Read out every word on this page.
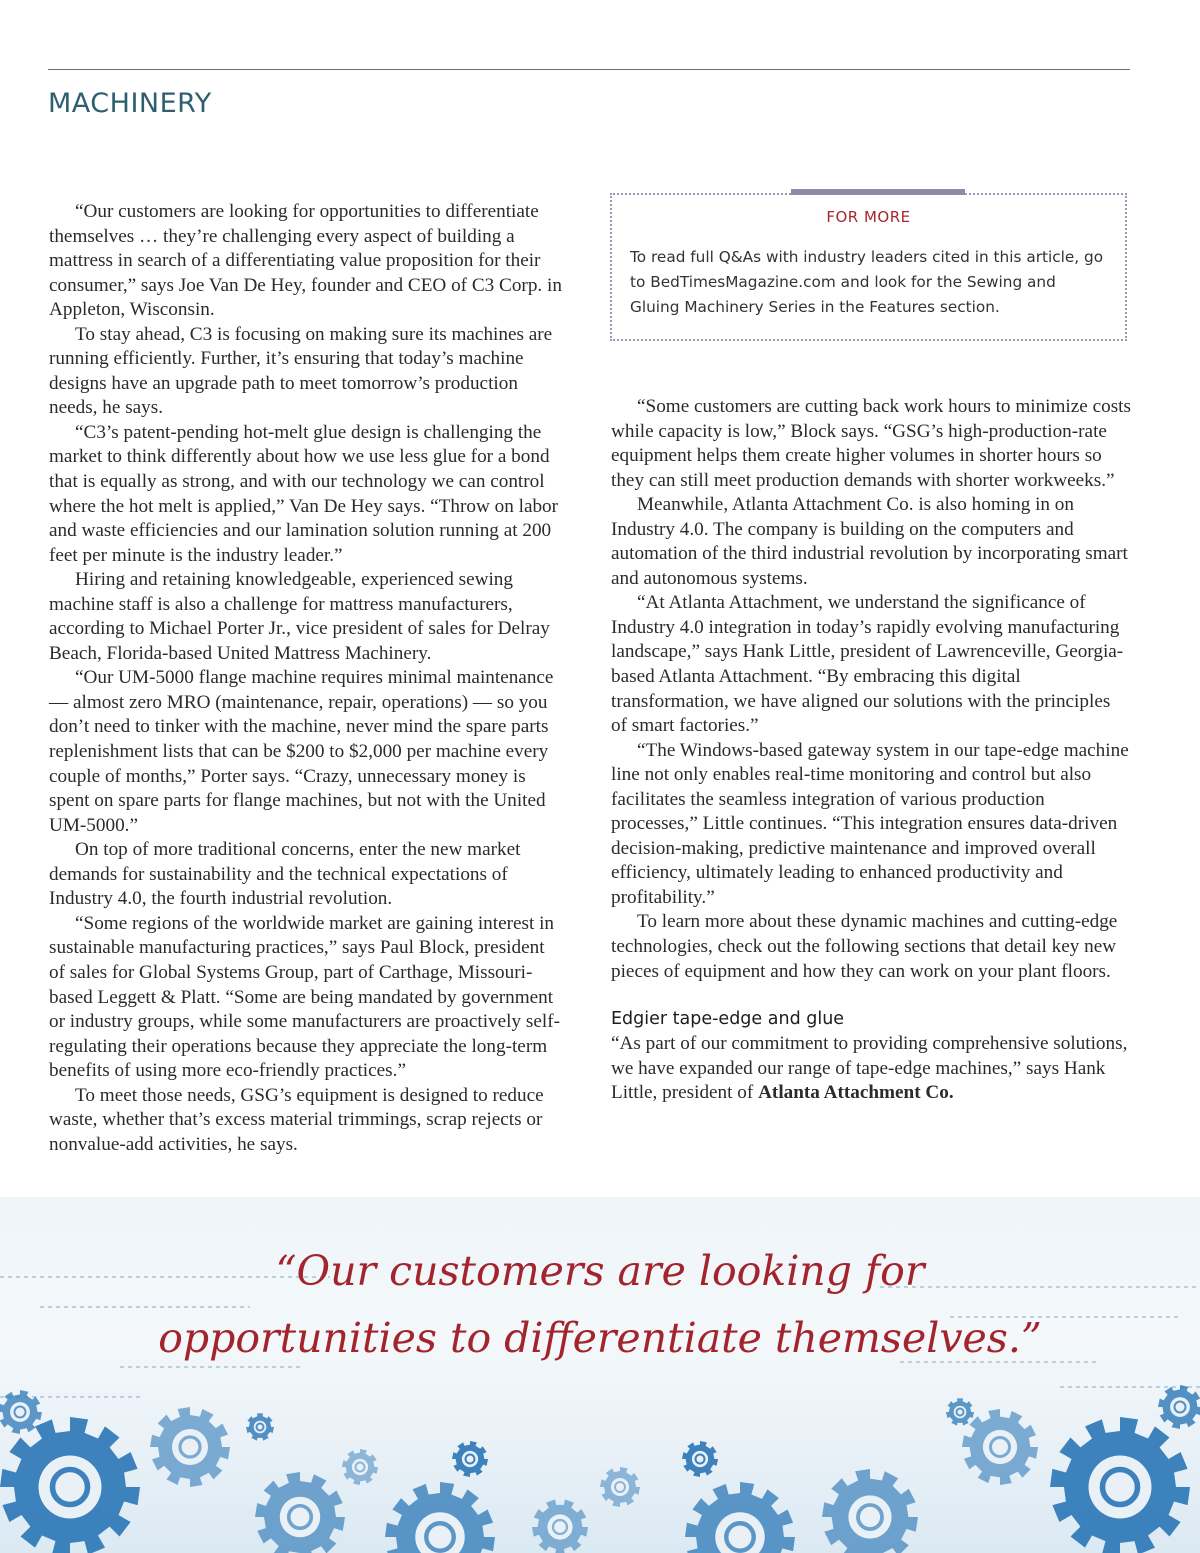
MACHINERY
FOR MORE
To read full Q&As with industry leaders cited in this article, go to BedTimesMagazine.com and look for the Sewing and Gluing Machinery Series in the Features section.

“Our customers are looking for opportunities to differentiate themselves … they’re challenging every aspect of building a mattress in search of a differentiating value proposition for their consumer,” says Joe Van De Hey, founder and CEO of C3 Corp. in Appleton, Wisconsin.

To stay ahead, C3 is focusing on making sure its machines are running efficiently. Further, it’s ensuring that today’s machine designs have an upgrade path to meet tomorrow’s production needs, he says.

“C3’s patent-pending hot-melt glue design is challenging the market to think differently about how we use less glue for a bond that is equally as strong, and with our technology we can control where the hot melt is applied,” Van De Hey says. “Throw on labor and waste efficiencies and our lamination solution running at 200 feet per minute is the industry leader.”

Hiring and retaining knowledgeable, experienced sewing machine staff is also a challenge for mattress manufacturers, according to Michael Porter Jr., vice president of sales for Delray Beach, Florida-based United Mattress Machinery.

“Our UM-5000 flange machine requires minimal maintenance — almost zero MRO (maintenance, repair, operations) — so you don’t need to tinker with the machine, never mind the spare parts replenishment lists that can be $200 to $2,000 per machine every couple of months,” Porter says. “Crazy, unnecessary money is spent on spare parts for flange machines, but not with the United UM-5000.”

On top of more traditional concerns, enter the new market demands for sustainability and the technical expectations of Industry 4.0, the fourth industrial revolution.

“Some regions of the worldwide market are gaining interest in sustainable manufacturing practices,” says Paul Block, president of sales for Global Systems Group, part of Carthage, Missouri-based Leggett & Platt. “Some are being mandated by government or industry groups, while some manufacturers are proactively self-regulating their operations because they appreciate the long-term benefits of using more eco-friendly practices.”

To meet those needs, GSG’s equipment is designed to reduce waste, whether that’s excess material trimmings, scrap rejects or nonvalue-add activities, he says.

“Some customers are cutting back work hours to minimize costs while capacity is low,” Block says. “GSG’s high-production-rate equipment helps them create higher volumes in shorter hours so they can still meet production demands with shorter workweeks.”

Meanwhile, Atlanta Attachment Co. is also homing in on Industry 4.0. The company is building on the computers and automation of the third industrial revolution by incorporating smart and autonomous systems.

“At Atlanta Attachment, we understand the significance of Industry 4.0 integration in today’s rapidly evolving manufacturing landscape,” says Hank Little, president of Lawrenceville, Georgia-based Atlanta Attachment. “By embracing this digital transformation, we have aligned our solutions with the principles of smart factories.”

“The Windows-based gateway system in our tape-edge machine line not only enables real-time monitoring and control but also facilitates the seamless integration of various production processes,” Little continues. “This integration ensures data-driven decision-making, predictive maintenance and improved overall efficiency, ultimately leading to enhanced productivity and profitability.”

To learn more about these dynamic machines and cutting-edge technologies, check out the following sections that detail key new pieces of equipment and how they can work on your plant floors.

Edgier tape-edge and glue

“As part of our commitment to providing comprehensive solutions, we have expanded our range of tape-edge machines,” says Hank Little, president of Atlanta Attachment Co.

“Our customers are looking for
opportunities to differentiate themselves.”
